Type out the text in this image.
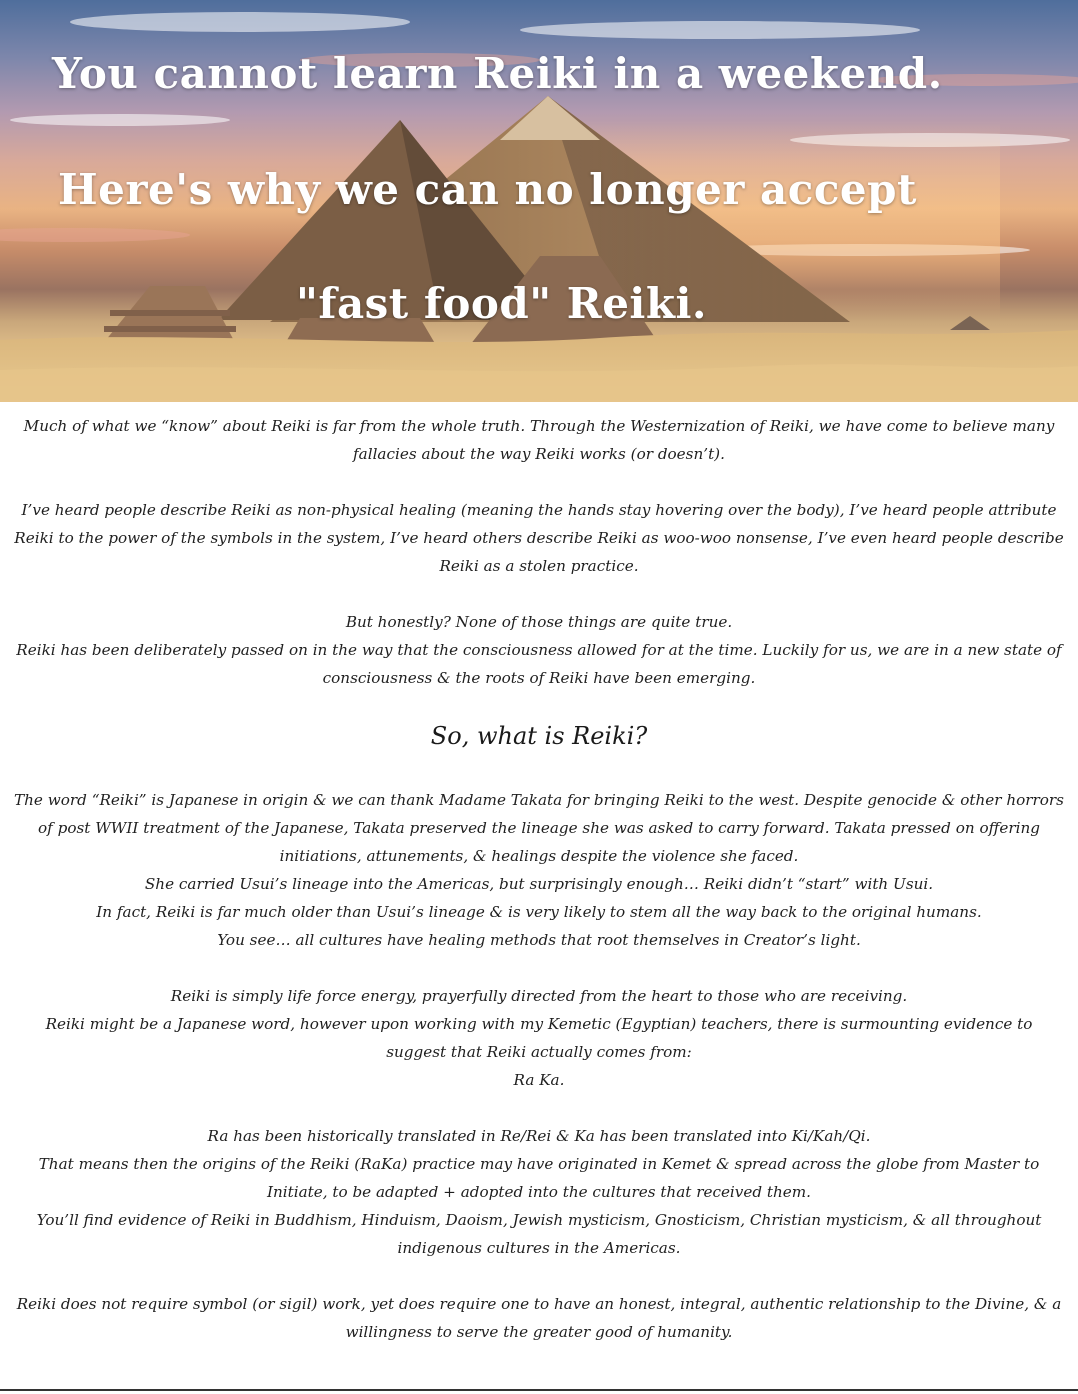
You cannot learn Reiki in a weekend.
Here's why we can no longer accept
"fast food" Reiki.

Much of what we “know” about Reiki is far from the whole truth. Through the Westernization of Reiki, we have come to believe many fallacies about the way Reiki works (or doesn’t).

I’ve heard people describe Reiki as non-physical healing (meaning the hands stay hovering over the body), I’ve heard people attribute Reiki to the power of the symbols in the system, I’ve heard others describe Reiki as woo-woo nonsense, I’ve even heard people describe Reiki as a stolen practice.

But honestly? None of those things are quite true.

Reiki has been deliberately passed on in the way that the consciousness allowed for at the time. Luckily for us, we are in a new state of consciousness & the roots of Reiki have been emerging.

So, what is Reiki?

The word “Reiki” is Japanese in origin & we can thank Madame Takata for bringing Reiki to the west. Despite genocide & other horrors of post WWII treatment of the Japanese, Takata preserved the lineage she was asked to carry forward. Takata pressed on offering initiations, attunements, & healings despite the violence she faced.

She carried Usui’s lineage into the Americas, but surprisingly enough… Reiki didn’t “start” with Usui.

In fact, Reiki is far much older than Usui’s lineage & is very likely to stem all the way back to the original humans.

You see… all cultures have healing methods that root themselves in Creator’s light.

Reiki is simply life force energy, prayerfully directed from the heart to those who are receiving.

Reiki might be a Japanese word, however upon working with my Kemetic (Egyptian) teachers, there is surmounting evidence to suggest that Reiki actually comes from:

Ra Ka.

Ra has been historically translated in Re/Rei & Ka has been translated into Ki/Kah/Qi.

That means then the origins of the Reiki (RaKa) practice may have originated in Kemet & spread across the globe from Master to Initiate, to be adapted + adopted into the cultures that received them.

You’ll find evidence of Reiki in Buddhism, Hinduism, Daoism, Jewish mysticism, Gnosticism, Christian mysticism, & all throughout indigenous cultures in the Americas.

Reiki does not require symbol (or sigil) work, yet does require one to have an honest, integral, authentic relationship to the Divine, & a willingness to serve the greater good of humanity.
